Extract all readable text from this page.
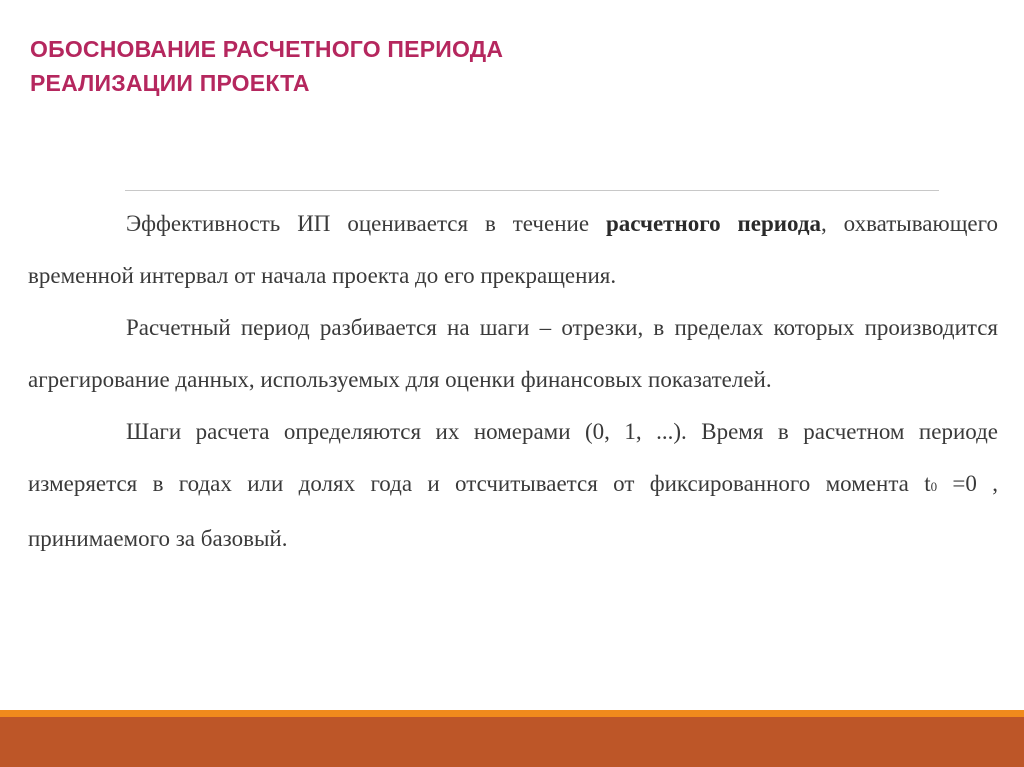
ОБОСНОВАНИЕ РАСЧЕТНОГО ПЕРИОДА
РЕАЛИЗАЦИИ ПРОЕКТА

Эффективность ИП оценивается в течение расчетного периода, охватывающего временной интервал от начала проекта до его прекращения.

Расчетный период разбивается на шаги – отрезки, в пределах которых производится агрегирование данных, используемых для оценки финансовых показателей.

Шаги расчета определяются их номерами (0, 1, ...). Время в расчетном периоде измеряется в годах или долях года и отсчитывается от фиксированного момента t0 =0 , принимаемого за базовый.
